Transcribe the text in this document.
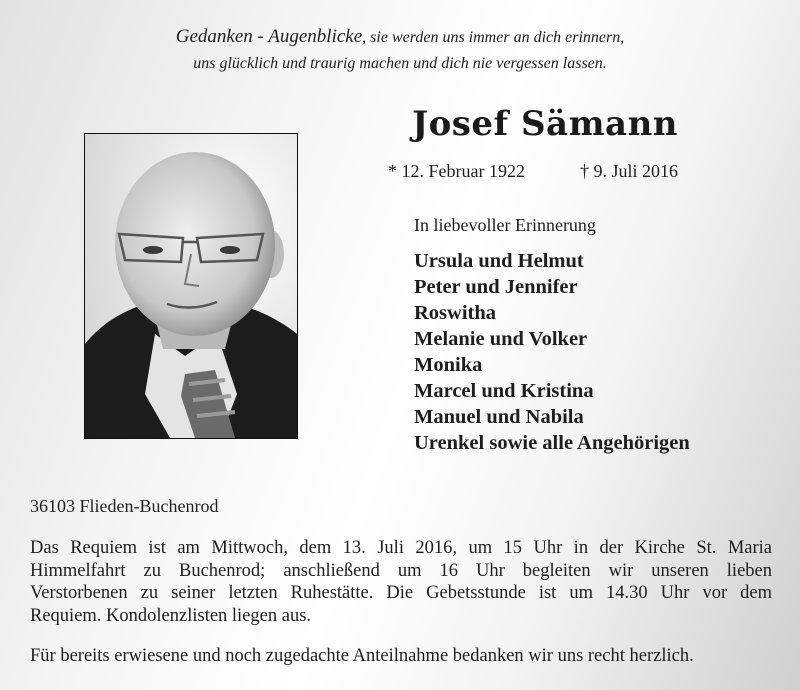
Gedanken - Augenblicke, sie werden uns immer an dich erinnern,
uns glücklich und traurig machen und dich nie vergessen lassen.
Josef Sämann
* 12. Februar 1922	† 9. Juli 2016
In liebevoller Erinnerung
Ursula und Helmut
Peter und Jennifer
Roswitha
Melanie und Volker
Monika
Marcel und Kristina
Manuel und Nabila
Urenkel sowie alle Angehörigen
36103 Flieden-Buchenrod
Das Requiem ist am Mittwoch, dem 13. Juli 2016, um 15 Uhr in der Kirche St. Maria
Himmelfahrt zu Buchenrod; anschließend um 16 Uhr begleiten wir unseren lieben
Verstorbenen zu seiner letzten Ruhestätte. Die Gebetsstunde ist um 14.30 Uhr vor dem
Requiem. Kondolenzlisten liegen aus.
Für bereits erwiesene und noch zugedachte Anteilnahme bedanken wir uns recht herzlich.
